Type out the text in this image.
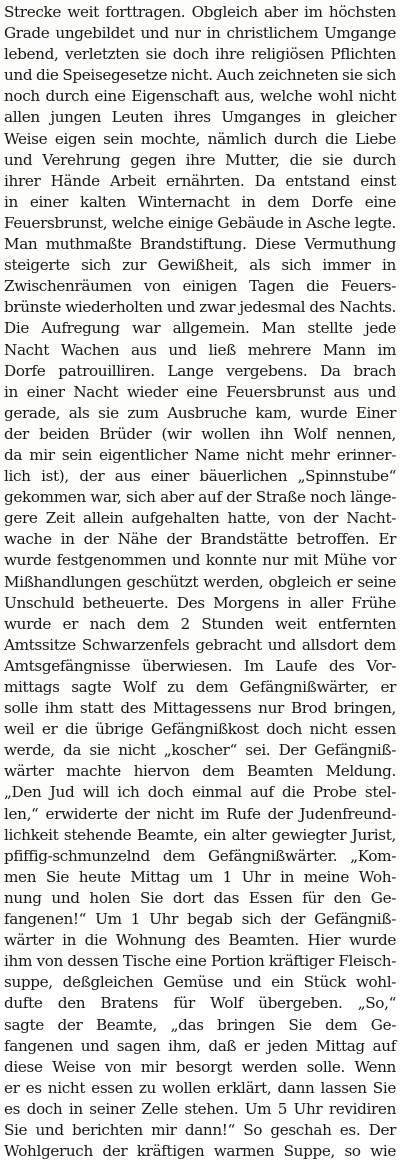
Strecke weit forttragen. Obgleich aber im höchsten
Grade ungebildet und nur in christlichem Umgange
lebend, verletzten sie doch ihre religiösen Pflichten
und die Speisegesetze nicht. Auch zeichneten sie sich
noch durch eine Eigenschaft aus, welche wohl nicht
allen jungen Leuten ihres Umganges in gleicher
Weise eigen sein mochte, nämlich durch die Liebe
und Verehrung gegen ihre Mutter, die sie durch
ihrer Hände Arbeit ernährten. Da entstand einst
in einer kalten Winternacht in dem Dorfe eine
Feuersbrunst, welche einige Gebäude in Asche legte.
Man muthmaßte Brandstiftung. Diese Vermuthung
steigerte sich zur Gewißheit, als sich immer in
Zwischenräumen von einigen Tagen die Feuers-
brünste wiederholten und zwar jedesmal des Nachts.
Die Aufregung war allgemein. Man stellte jede
Nacht Wachen aus und ließ mehrere Mann im
Dorfe patrouilliren. Lange vergebens. Da brach
in einer Nacht wieder eine Feuersbrunst aus und
gerade, als sie zum Ausbruche kam, wurde Einer
der beiden Brüder (wir wollen ihn Wolf nennen,
da mir sein eigentlicher Name nicht mehr erinner-
lich ist), der aus einer bäuerlichen „Spinnstube“
gekommen war, sich aber auf der Straße noch länge-
gere Zeit allein aufgehalten hatte, von der Nacht-
wache in der Nähe der Brandstätte betroffen. Er
wurde festgenommen und konnte nur mit Mühe vor
Mißhandlungen geschützt werden, obgleich er seine
Unschuld betheuerte. Des Morgens in aller Frühe
wurde er nach dem 2 Stunden weit entfernten
Amtssitze Schwarzenfels gebracht und allsdort dem
Amtsgefängnisse überwiesen. Im Laufe des Vor-
mittags sagte Wolf zu dem Gefängnißwärter, er
solle ihm statt des Mittagessens nur Brod bringen,
weil er die übrige Gefängnißkost doch nicht essen
werde, da sie nicht „koscher“ sei. Der Gefängniß-
wärter machte hiervon dem Beamten Meldung.
„Den Jud will ich doch einmal auf die Probe stel-
len,“ erwiderte der nicht im Rufe der Judenfreund-
lichkeit stehende Beamte, ein alter gewiegter Jurist,
pfiffig-schmunzelnd dem Gefängnißwärter. „Kom-
men Sie heute Mittag um 1 Uhr in meine Woh-
nung und holen Sie dort das Essen für den Ge-
fangenen!“ Um 1 Uhr begab sich der Gefängniß-
wärter in die Wohnung des Beamten. Hier wurde
ihm von dessen Tische eine Portion kräftiger Fleisch-
suppe, deßgleichen Gemüse und ein Stück wohl-
dufte den Bratens für Wolf übergeben. „So,“
sagte der Beamte, „das bringen Sie dem Ge-
fangenen und sagen ihm, daß er jeden Mittag auf
diese Weise von mir besorgt werden solle. Wenn
er es nicht essen zu wollen erklärt, dann lassen Sie
es doch in seiner Zelle stehen. Um 5 Uhr revidiren
Sie und berichten mir dann!“ So geschah es. Der
Wohlgeruch der kräftigen warmen Suppe, so wie
